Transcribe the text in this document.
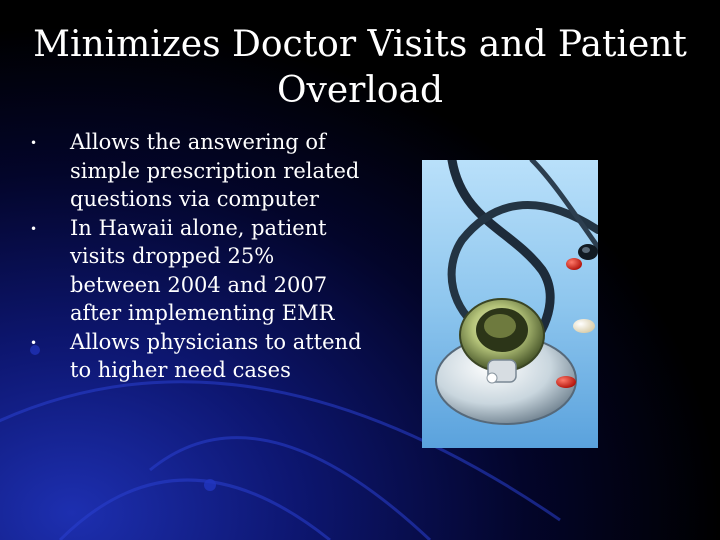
Minimizes Doctor Visits and Patient
Overload
• Allows the answering of simple prescription related questions via computer
• In Hawaii alone, patient visits dropped 25% between 2004 and 2007 after implementing EMR
• Allows physicians to attend to higher need cases
